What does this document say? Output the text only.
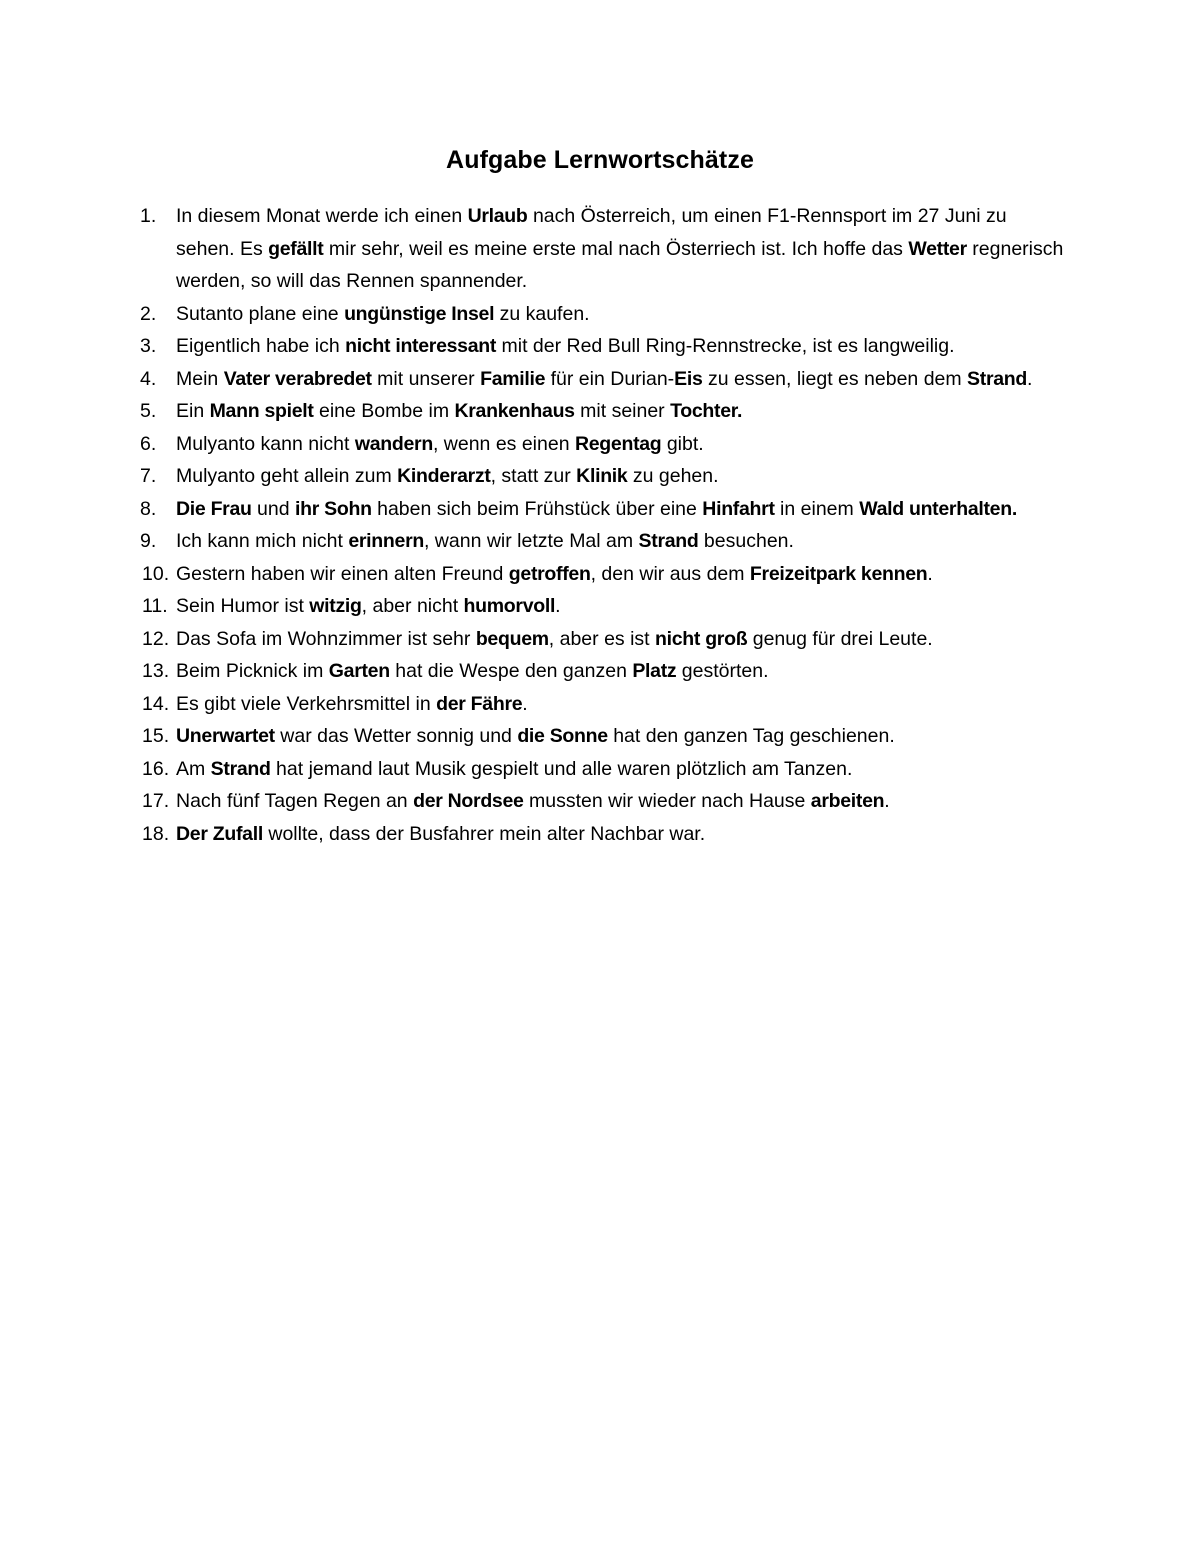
Aufgabe Lernwortschätze
1.	In diesem Monat werde ich einen Urlaub nach Österreich, um einen F1-Rennsport im 27 Juni zu sehen. Es gefällt mir sehr, weil es meine erste mal nach Österriech ist. Ich hoffe das Wetter regnerisch werden, so will das Rennen spannender.
2.	Sutanto plane eine ungünstige Insel zu kaufen.
3.	Eigentlich habe ich nicht interessant mit der Red Bull Ring-Rennstrecke, ist es langweilig.
4.	Mein Vater verabredet mit unserer Familie für ein Durian-Eis zu essen, liegt es neben dem Strand.
5.	Ein Mann spielt eine Bombe im Krankenhaus mit seiner Tochter.
6.	Mulyanto kann nicht wandern, wenn es einen Regentag gibt.
7.	Mulyanto geht allein zum Kinderarzt, statt zur Klinik zu gehen.
8.	Die Frau und ihr Sohn haben sich beim Frühstück über eine Hinfahrt in einem Wald unterhalten.
9.	Ich kann mich nicht erinnern, wann wir letzte Mal am Strand besuchen.
10. Gestern haben wir einen alten Freund getroffen, den wir aus dem Freizeitpark kennen.
11. Sein Humor ist witzig, aber nicht humorvoll.
12. Das Sofa im Wohnzimmer ist sehr bequem, aber es ist nicht groß genug für drei Leute.
13. Beim Picknick im Garten hat die Wespe den ganzen Platz gestörten.
14. Es gibt viele Verkehrsmittel in der Fähre.
15. Unerwartet war das Wetter sonnig und die Sonne hat den ganzen Tag geschienen.
16. Am Strand hat jemand laut Musik gespielt und alle waren plötzlich am Tanzen.
17. Nach fünf Tagen Regen an der Nordsee mussten wir wieder nach Hause arbeiten.
18. Der Zufall wollte, dass der Busfahrer mein alter Nachbar war.
